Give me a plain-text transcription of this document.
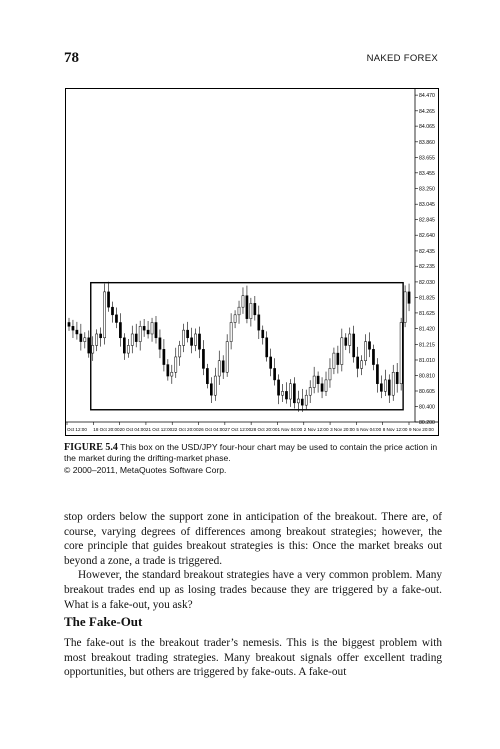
78	NAKED FOREX
84.470
84.265
84.065
83.860
83.655
83.455
83.250
83.045
82.845
82.640
82.435
82.235
82.030
81.825
81.625
81.420
81.215
81.010
80.810
80.605
80.400
80.200
Oct 12:00 18 Oct 20:00 20 Oct 04:00 21 Oct 12:00 22 Oct 20:00 26 Oct 04:00 27 Oct 12:00 28 Oct 20:00 1 Nov 04:00 2 Nov 12:00 3 Nov 20:00 5 Nov 04:00 8 Nov 12:00 9 Nov 20:00
FIGURE 5.4 This box on the USD/JPY four-hour chart may be used to contain the price action in the market during the drifting-market phase.
© 2000–2011, MetaQuotes Software Corp.

stop orders below the support zone in anticipation of the breakout. There are, of course, varying degrees of differences among breakout strategies; however, the core principle that guides breakout strategies is this: Once the market breaks out beyond a zone, a trade is triggered.

However, the standard breakout strategies have a very common problem. Many breakout trades end up as losing trades because they are triggered by a fake-out. What is a fake-out, you ask?

The Fake-Out

The fake-out is the breakout trader’s nemesis. This is the biggest problem with most breakout trading strategies. Many breakout signals offer excellent trading opportunities, but others are triggered by fake-outs. A fake-out
